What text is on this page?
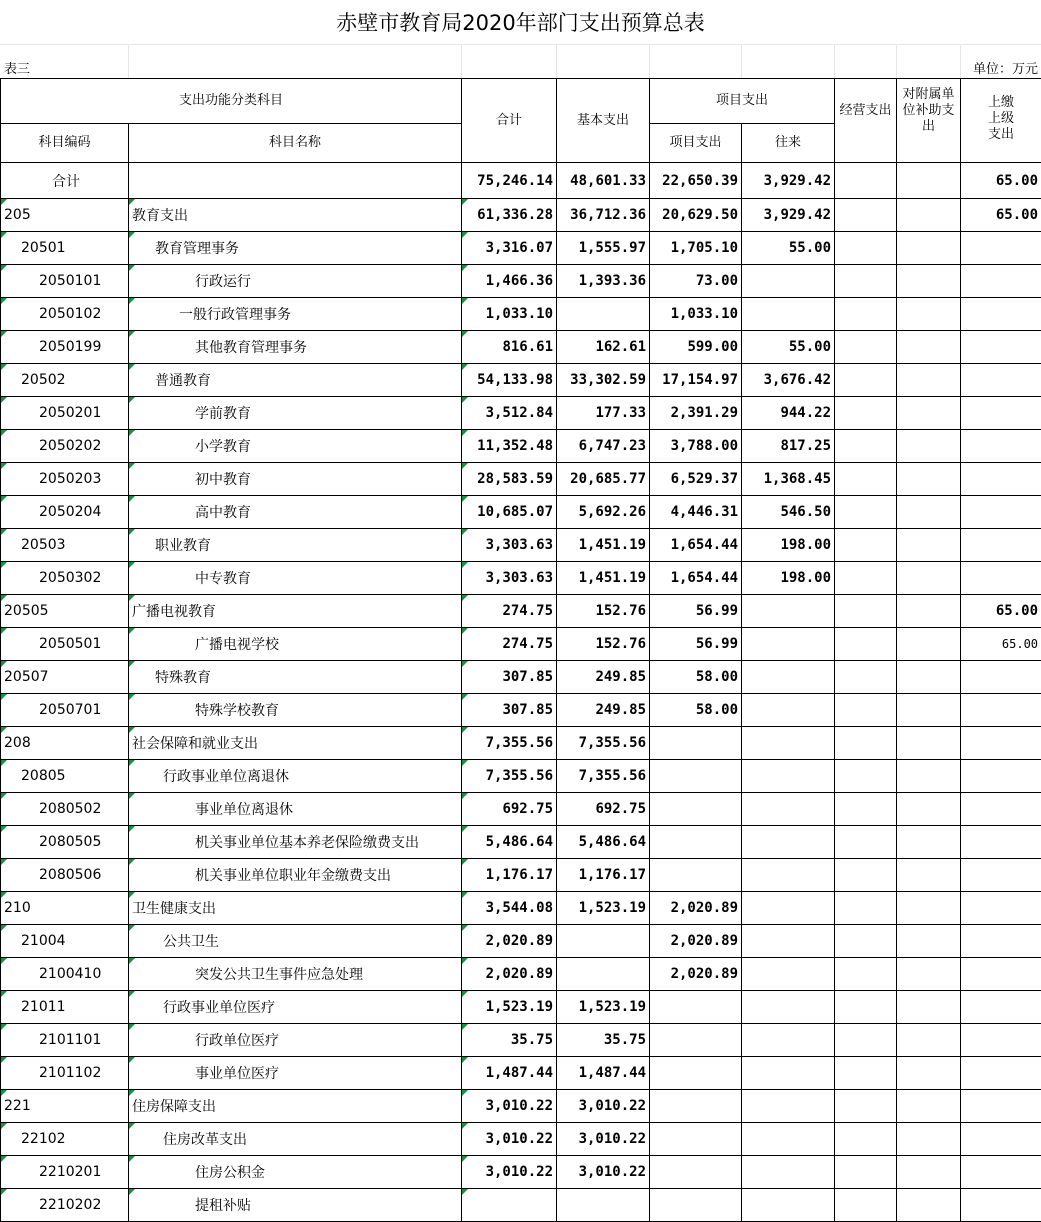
赤壁市教育局2020年部门支出预算总表
表三	单位：万元
支出功能分类科目		合计	基本支出	项目支出		经营支出	对附属单位补助支出	上缴上级支出
科目编码	科目名称			项目支出	往来			
合计		75,246.14	48,601.33	22,650.39	3,929.42			65.00
205	教育支出	61,336.28	36,712.36	20,629.50	3,929.42			65.00
20501	教育管理事务	3,316.07	1,555.97	1,705.10	55.00			
2050101	行政运行	1,466.36	1,393.36	73.00				
2050102	一般行政管理事务	1,033.10		1,033.10				
2050199	其他教育管理事务	816.61	162.61	599.00	55.00			
20502	普通教育	54,133.98	33,302.59	17,154.97	3,676.42			
2050201	学前教育	3,512.84	177.33	2,391.29	944.22			
2050202	小学教育	11,352.48	6,747.23	3,788.00	817.25			
2050203	初中教育	28,583.59	20,685.77	6,529.37	1,368.45			
2050204	高中教育	10,685.07	5,692.26	4,446.31	546.50			
20503	职业教育	3,303.63	1,451.19	1,654.44	198.00			
2050302	中专教育	3,303.63	1,451.19	1,654.44	198.00			
20505	广播电视教育	274.75	152.76	56.99				65.00
2050501	广播电视学校	274.75	152.76	56.99				65.00
20507	特殊教育	307.85	249.85	58.00				
2050701	特殊学校教育	307.85	249.85	58.00				
208	社会保障和就业支出	7,355.56	7,355.56					
20805	行政事业单位离退休	7,355.56	7,355.56					
2080502	事业单位离退休	692.75	692.75					
2080505	机关事业单位基本养老保险缴费支出	5,486.64	5,486.64					
2080506	机关事业单位职业年金缴费支出	1,176.17	1,176.17					
210	卫生健康支出	3,544.08	1,523.19	2,020.89				
21004	公共卫生	2,020.89		2,020.89				
2100410	突发公共卫生事件应急处理	2,020.89		2,020.89				
21011	行政事业单位医疗	1,523.19	1,523.19					
2101101	行政单位医疗	35.75	35.75					
2101102	事业单位医疗	1,487.44	1,487.44					
221	住房保障支出	3,010.22	3,010.22					
22102	住房改革支出	3,010.22	3,010.22					
2210201	住房公积金	3,010.22	3,010.22					
2210202	提租补贴							
